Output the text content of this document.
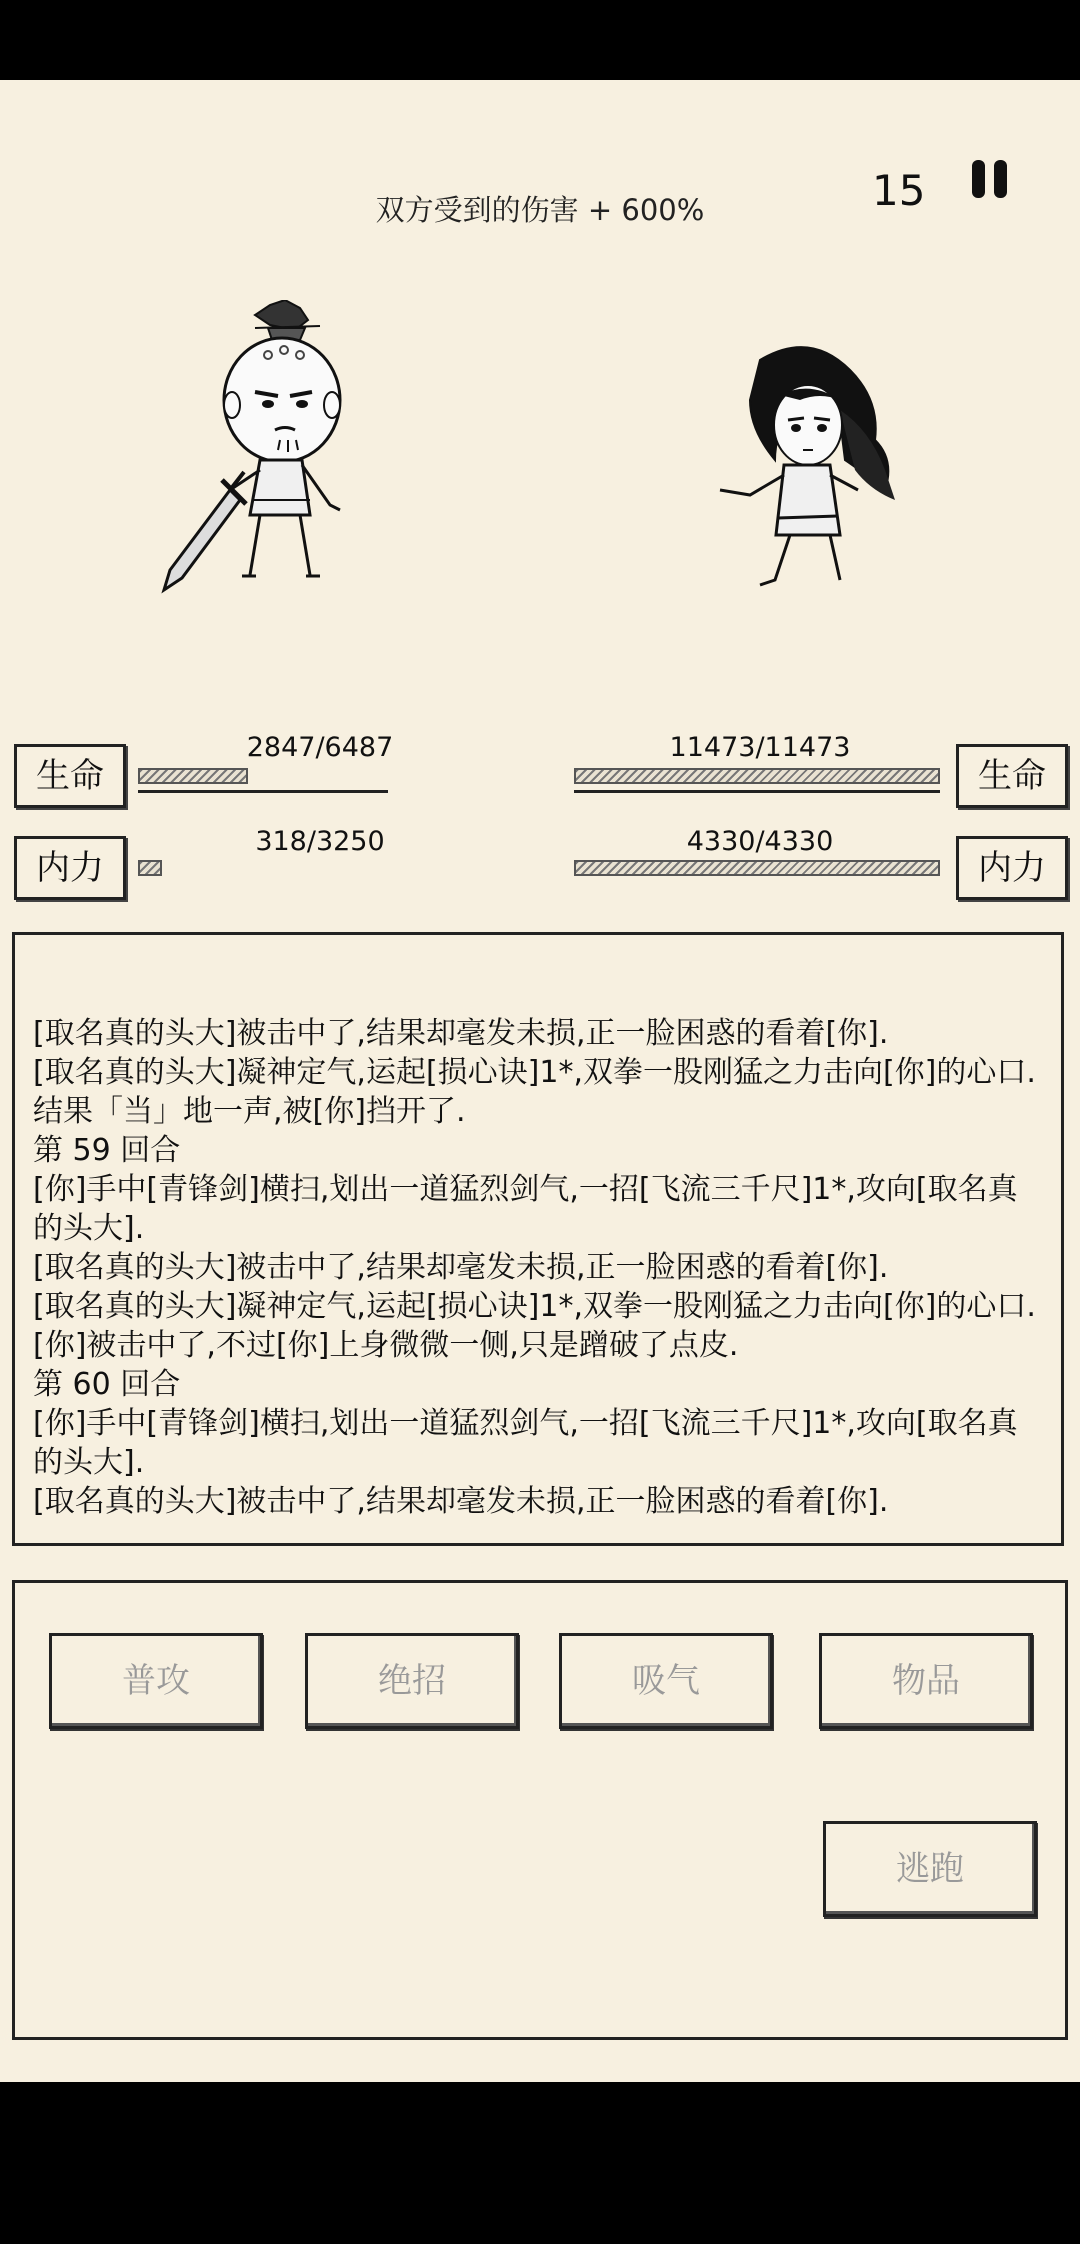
双方受到的伤害 + 600%	15
生命
2847/6487
内力
318/3250
生命
11473/11473
内力
4330/4330
[取名真的头大]被击中了,结果却毫发未损,正一脸困惑的看着[你].
[取名真的头大]凝神定气,运起[损心诀]1*,双拳一股刚猛之力击向[你]的心口.
结果「当」地一声,被[你]挡开了.
第 59 回合
[你]手中[青锋剑]横扫,划出一道猛烈剑气,一招[飞流三千尺]1*,攻向[取名真的头大].
[取名真的头大]被击中了,结果却毫发未损,正一脸困惑的看着[你].
[取名真的头大]凝神定气,运起[损心诀]1*,双拳一股刚猛之力击向[你]的心口.
[你]被击中了,不过[你]上身微微一侧,只是蹭破了点皮.
第 60 回合
[你]手中[青锋剑]横扫,划出一道猛烈剑气,一招[飞流三千尺]1*,攻向[取名真的头大].
[取名真的头大]被击中了,结果却毫发未损,正一脸困惑的看着[你].
普攻	绝招	吸气	物品
逃跑
